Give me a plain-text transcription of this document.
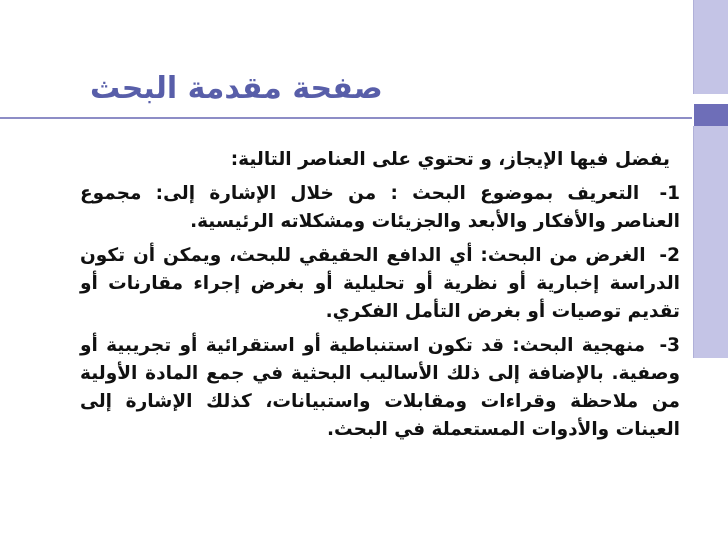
صفحة مقدمة البحث

يفضل فيها الإيجاز، و تحتوي على العناصر التالية:

1- التعريف بموضوع البحث : من خلال الإشارة إلى: مجموع العناصر والأفكار والأبعد والجزيئات ومشكلاته الرئيسية.

2- الغرض من البحث: أي الدافع الحقيقي للبحث، ويمكن أن تكون الدراسة إخبارية أو نظرية أو تحليلية أو بغرض إجراء مقارنات أو تقديم توصيات أو بغرض التأمل الفكري.

3- منهجية البحث: قد تكون استنباطية أو استقرائية أو تجريبية أو وصفية. بالإضافة إلى ذلك الأساليب البحثية في جمع المادة الأولية من ملاحظة وقراءات ومقابلات واستبيانات، كذلك الإشارة إلى العينات والأدوات المستعملة في البحث.
